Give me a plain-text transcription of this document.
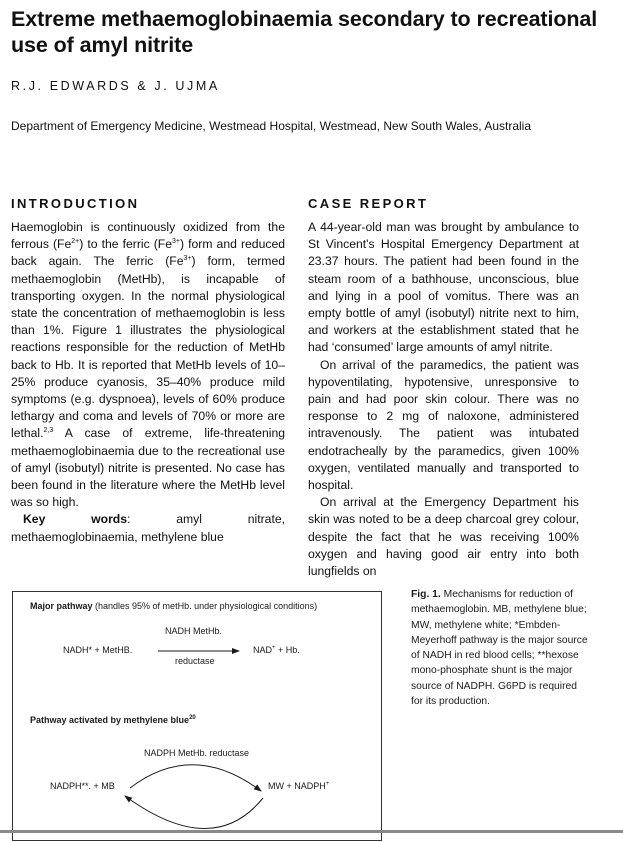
Extreme methaemoglobinaemia secondary to recreational use of amyl nitrite

R.J. EDWARDS & J. UJMA

Department of Emergency Medicine, Westmead Hospital, Westmead, New South Wales, Australia

INTRODUCTION

Haemoglobin is continuously oxidized from the ferrous $(Fe^{2+})$ to the ferric $(Fe^{3+})$ form and reduced back again. The ferric $(Fe^{3+})$ form, termed methaemoglobin (MetHb), is incapable of transporting oxygen. In the normal physiological state the concentration of methaemoglobin is less than 1%. Figure 1 illustrates the physiological reactions responsible for the reduction of MetHb back to Hb. It is reported that MetHb levels of 10–25% produce cyanosis, 35–40% produce mild symptoms (e.g. dyspnoea), levels of 60% produce lethargy and coma and levels of 70% or more are lethal.$^{2,3}$ A case of extreme, life-threatening methaemoglobinaemia due to the recreational use of amyl (isobutyl) nitrite is presented. No case has been found in the literature where the MetHb level was so high.

Key words: amyl nitrate, methaemoglobinaemia, methylene blue

CASE REPORT

A 44-year-old man was brought by ambulance to St Vincent's Hospital Emergency Department at 23.37 hours. The patient had been found in the steam room of a bathhouse, unconscious, blue and lying in a pool of vomitus. There was an empty bottle of amyl (isobutyl) nitrite next to him, and workers at the establishment stated that he had ‘consumed’ large amounts of amyl nitrite.

On arrival of the paramedics, the patient was hypoventilating, hypotensive, unresponsive to pain and had poor skin colour. There was no response to 2 mg of naloxone, administered intravenously. The patient was intubated endotracheally by the paramedics, given 100% oxygen, ventilated manually and transported to hospital.

On arrival at the Emergency Department his skin was noted to be a deep charcoal grey colour, despite the fact that he was receiving 100% oxygen and having good air entry into both lungfields on

Major pathway (handles 95% of metHb. under physiological conditions)
NADH MetHb.
NADH* + MetHB.
reductase
NAD+ + Hb.
Pathway activated by methylene blue$^{20}$
NADPH MetHb. reductase
NADPH**. + MB	MW + NADPH+

Fig. 1. Mechanisms for reduction of methaemoglobin. MB, methylene blue; MW, methylene white; *Embden-Meyerhoff pathway is the major source of NADH in red blood cells; **hexose mono-phosphate shunt is the major source of NADPH. G6PD is required for its production.
